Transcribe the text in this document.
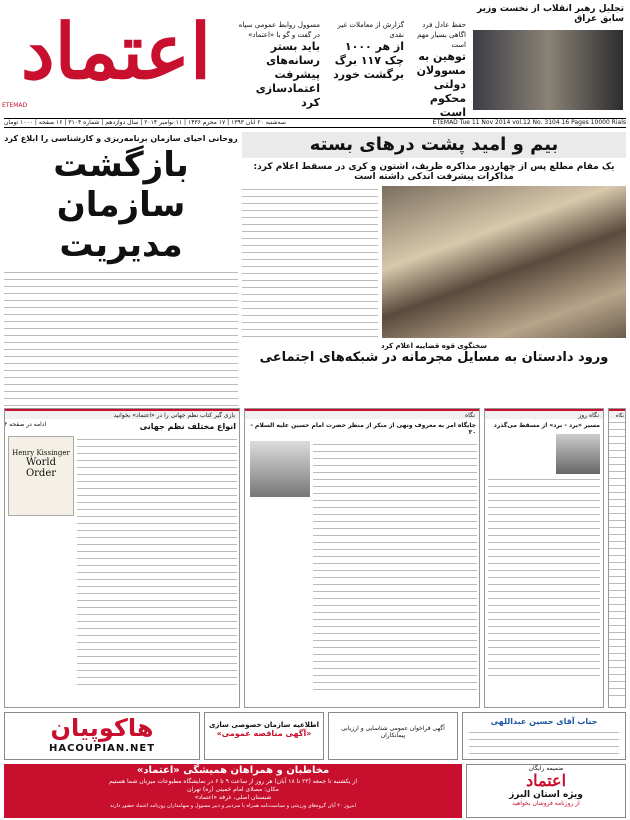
اعتماد
ETEMAD
گزارش از معاملات غیر نقدی
از هر ۱۰۰۰ چک ۱۱۷ برگ برگشت خورد
مسوول روابط عمومی سپاه در گفت و گو با «اعتماد»
باید بستر رسانه‌های پیشرفت اعتماد‌سازی کرد
حفظ عادل فرد اگاهی بسیار مهم است
توهین به مسوولان دولتی محکوم است
تجلیل رهبر انقلاب از نخست وزیر سابق عراق
ETEMAD Tue 11 Nov 2014 vol.12 No. 3104 16 Pages 10000 Rials
سه‌شنبه ۲۰ آبان ۱۳۹۳ | ۱۷ محرم ۱۴۳۶ | ۱۱ نوامبر ۲۰۱۴ | سال دوازدهم | شماره ۳۱۰۴ | ۱۶ صفحه | ۱۰۰۰ تومان
روحانی احیای سازمان برنامه‌ریزی و کارشناسی را ابلاغ کرد
بازگشت
سازمان مدیریت
ادامه در صفحه ۴
بیم و امید پشت درهای بسته
یک مقام مطلع پس از چهاردور مذاکره ظریف، اشتون و کری در مسقط اعلام کرد:
مذاکرات پیشرفت اندکی داشته است
سخنگوی قوه قضاییه اعلام کرد
ورود دادستان به مسایل مجرمانه در شبکه‌های اجتماعی
بازی گیر کتاب نظم جهانی را در «اعتماد» بخوانید
انواع مختلف نظم جهانی
Henry Kissinger
World
Order
نگاه
جایگاه امر به معروف ونهی از منکر از منظر حضرت امام حسین علیه السلام - ۳۰
نگاه روز
مسیر «برد - برد» از مسقط می‌گذرد
نگاه
هاکوپیان
HACOUPIAN.NET
اطلاعیه سازمان خصوصی سازی
«آگهی مناقصه عمومی»
آگهی فراخوان عمومی شناسایی و ارزیابی پیمانکاران
جناب آقای حسین عبداللهی
مخاطبان و همراهان همیشگی «اعتماد»
از یکشنبه تا جمعه (۲۳ تا ۱۸ آبان) هر روز از ساعت ۹ تا ۶ در نمایشگاه مطبوعات میزبان شما هستیم
مکان: مصلای امام خمینی (ره) تهران
شبستان اصلی، غرفه «اعتماد»
امروز ۲۰ آبان گروه‌های ورزشی و سیاست‌نامه همراه با سردبیر و دبیر مسوول و سهامداران روزنامه اعتماد حضور دارند
ضمیمه رایگان
اعتماد
ویژه استان البرز
از روزنامه فروشان بخواهید
